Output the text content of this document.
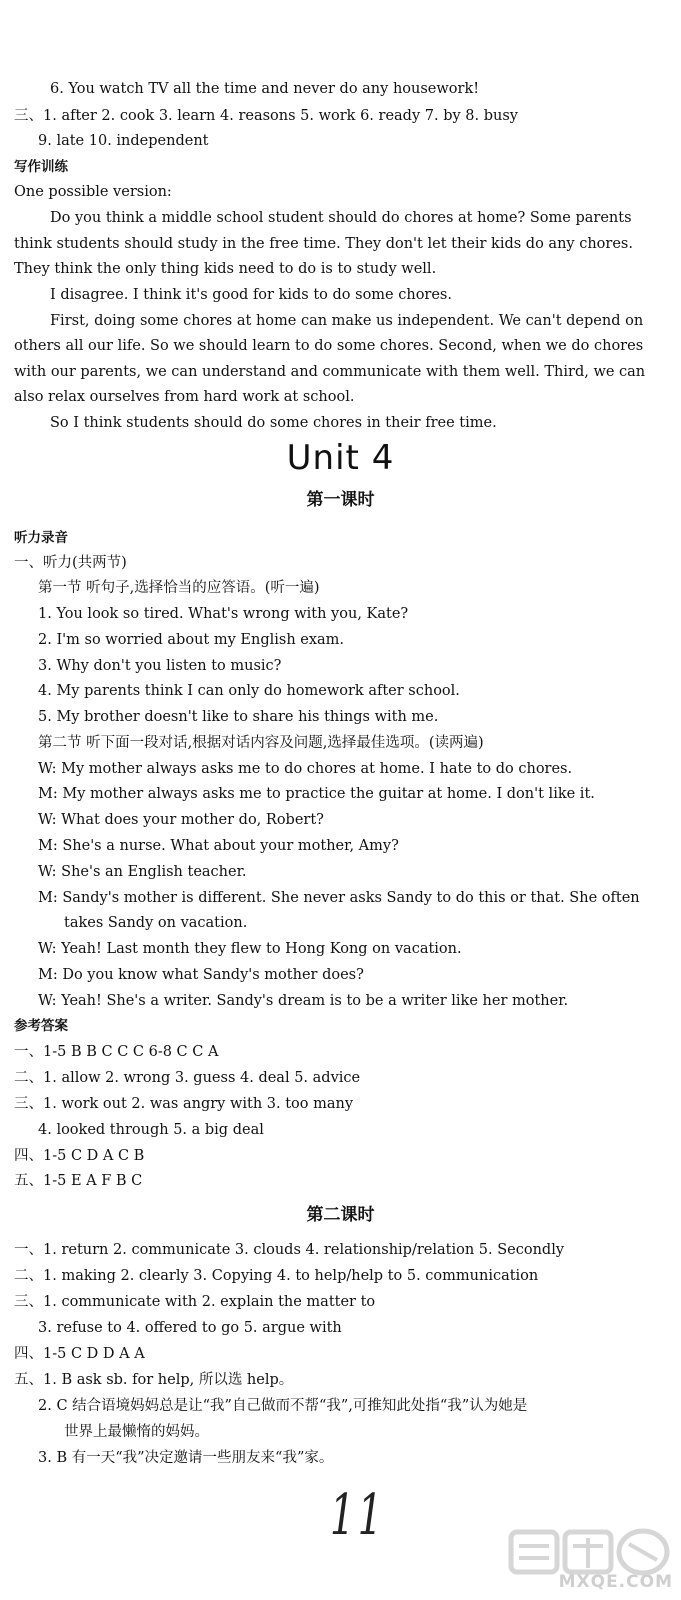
6. You watch TV all the time and never do any housework!
三、1. after 2. cook 3. learn 4. reasons 5. work 6. ready 7. by 8. busy
9. late 10. independent
写作训练
One possible version:
Do you think a middle school student should do chores at home? Some parents
think students should study in the free time. They don't let their kids do any chores.
They think the only thing kids need to do is to study well.
I disagree. I think it's good for kids to do some chores.
First, doing some chores at home can make us independent. We can't depend on
others all our life. So we should learn to do some chores. Second, when we do chores
with our parents, we can understand and communicate with them well. Third, we can
also relax ourselves from hard work at school.
So I think students should do some chores in their free time.
Unit 4
第一课时
听力录音
一、听力(共两节)
第一节 听句子,选择恰当的应答语。(听一遍)
1. You look so tired. What's wrong with you, Kate?
2. I'm so worried about my English exam.
3. Why don't you listen to music?
4. My parents think I can only do homework after school.
5. My brother doesn't like to share his things with me.
第二节 听下面一段对话,根据对话内容及问题,选择最佳选项。(读两遍)
W: My mother always asks me to do chores at home. I hate to do chores.
M: My mother always asks me to practice the guitar at home. I don't like it.
W: What does your mother do, Robert?
M: She's a nurse. What about your mother, Amy?
W: She's an English teacher.
M: Sandy's mother is different. She never asks Sandy to do this or that. She often
takes Sandy on vacation.
W: Yeah! Last month they flew to Hong Kong on vacation.
M: Do you know what Sandy's mother does?
W: Yeah! She's a writer. Sandy's dream is to be a writer like her mother.
参考答案
一、1-5 B B C C C 6-8 C C A
二、1. allow 2. wrong 3. guess 4. deal 5. advice
三、1. work out 2. was angry with 3. too many
4. looked through 5. a big deal
四、1-5 C D A C B
五、1-5 E A F B C
第二课时
一、1. return 2. communicate 3. clouds 4. relationship/relation 5. Secondly
二、1. making 2. clearly 3. Copying 4. to help/help to 5. communication
三、1. communicate with 2. explain the matter to
3. refuse to 4. offered to go 5. argue with
四、1-5 C D D A A
五、1. B ask sb. for help, 所以选 help。
2. C 结合语境妈妈总是让“我”自己做而不帮“我”,可推知此处指“我”认为她是
世界上最懒惰的妈妈。
3. B 有一天“我”决定邀请一些朋友来“我”家。
11
MXQE.COM
